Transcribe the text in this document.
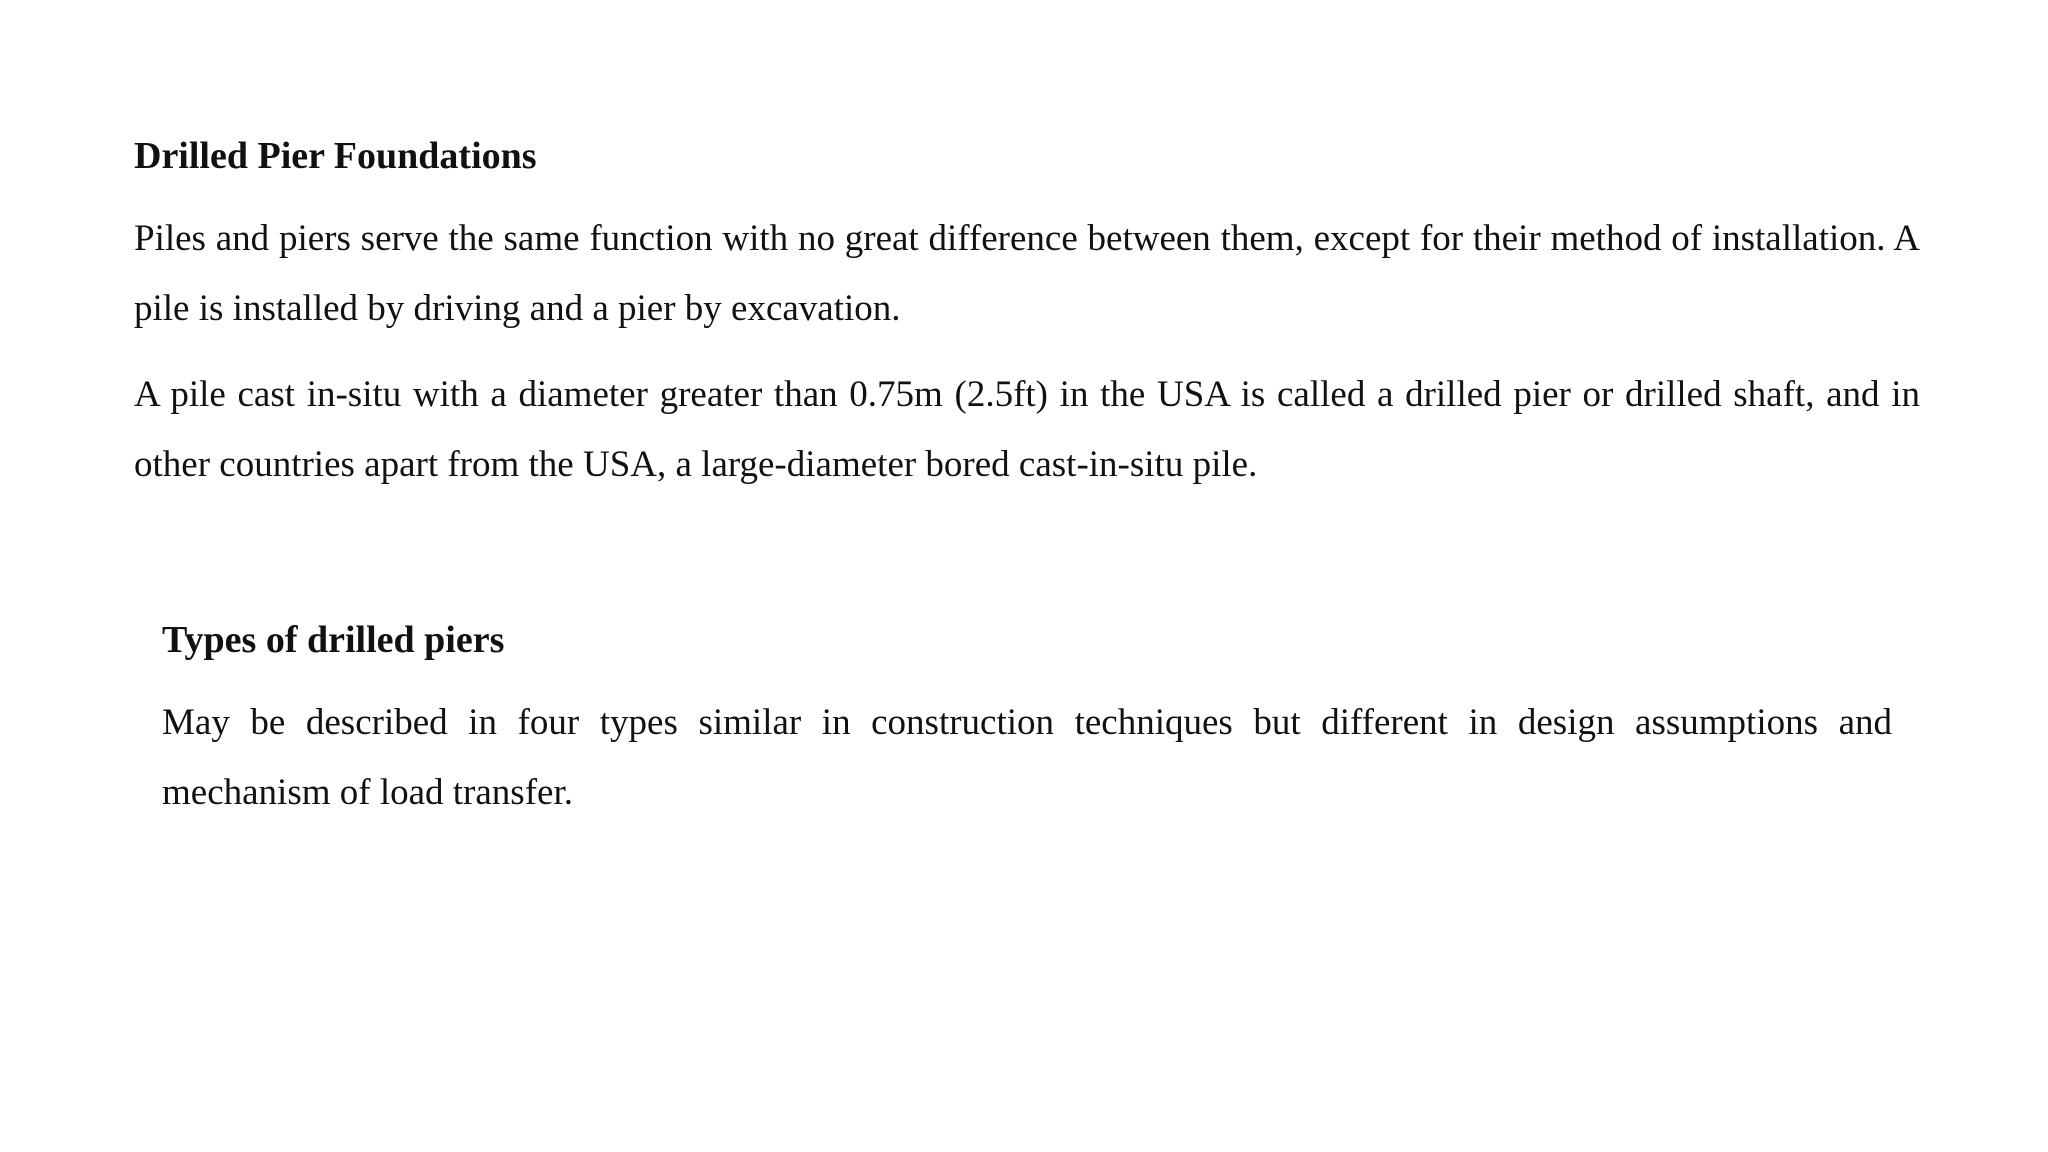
Drilled Pier Foundations

Piles and piers serve the same function with no great difference between them, except for their method of installation. A pile is installed by driving and a pier by excavation.

A pile cast in-situ with a diameter greater than 0.75m (2.5ft) in the USA is called a drilled pier or drilled shaft, and in other countries apart from the USA, a large-diameter bored cast-in-situ pile.

Types of drilled piers

May be described in four types similar in construction techniques but different in design assumptions and mechanism of load transfer.
